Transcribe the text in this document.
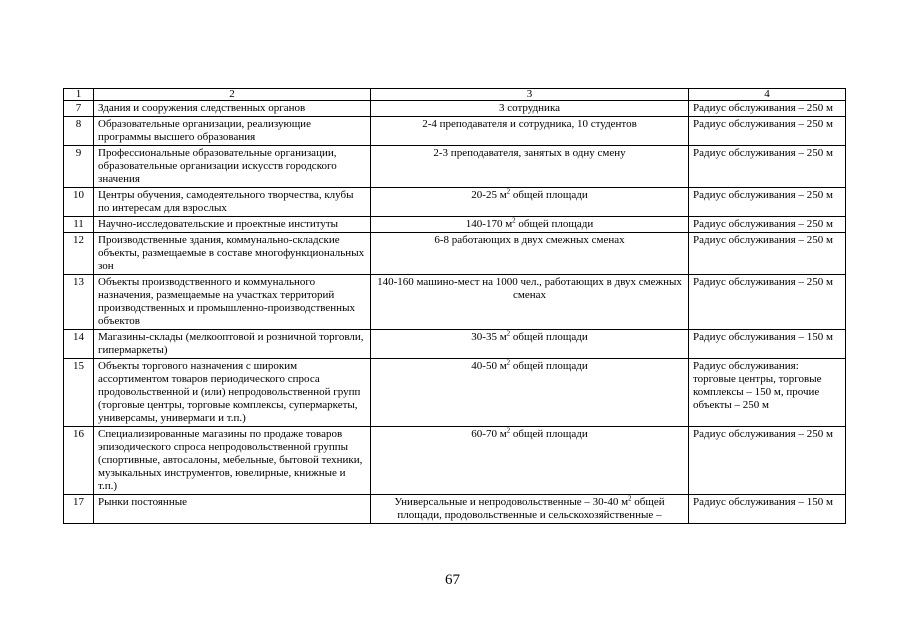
1	2	3	4
7	Здания и сооружения следственных органов	3 сотрудника	Радиус обслуживания – 250 м
8	Образовательные организации, реализующие программы высшего образования	2-4 преподавателя и сотрудника, 10 студентов	Радиус обслуживания – 250 м
9	Профессиональные образовательные организации, образовательные организации искусств городского значения	2-3 преподавателя, занятых в одну смену	Радиус обслуживания – 250 м
10	Центры обучения, самодеятельного творчества, клубы по интересам для взрослых	20-25 $м^2$ общей площади	Радиус обслуживания – 250 м
11	Научно-исследовательские и проектные институты	140-170 $м^2$ общей площади	Радиус обслуживания – 250 м
12	Производственные здания, коммунально-складские объекты, размещаемые в составе многофункциональных зон	6-8 работающих в двух смежных сменах	Радиус обслуживания – 250 м
13	Объекты производственного и коммунального назначения, размещаемые на участках территорий производственных и промышленно-производственных объектов	140-160 машино-мест на 1000 чел., работающих в двух смежных сменах	Радиус обслуживания – 250 м
14	Магазины-склады (мелкооптовой и розничной торговли, гипермаркеты)	30-35 $м^2$ общей площади	Радиус обслуживания – 150 м
15	Объекты торгового назначения с широким ассортиментом товаров периодического спроса продовольственной и (или) непродовольственной групп (торговые центры, торговые комплексы, супермаркеты, универсамы, универмаги и т.п.)	40-50 $м^2$ общей площади	Радиус обслуживания: торговые центры, торговые комплексы – 150 м, прочие объекты – 250 м
16	Специализированные магазины по продаже товаров эпизодического спроса непродовольственной группы (спортивные, автосалоны, мебельные, бытовой техники, музыкальных инструментов, ювелирные, книжные и т.п.)	60-70 $м^2$ общей площади	Радиус обслуживания – 250 м
17	Рынки постоянные	Универсальные и непродовольственные – 30-40 $м^2$ общей площади, продовольственные и сельскохозяйственные –	Радиус обслуживания – 150 м
67
